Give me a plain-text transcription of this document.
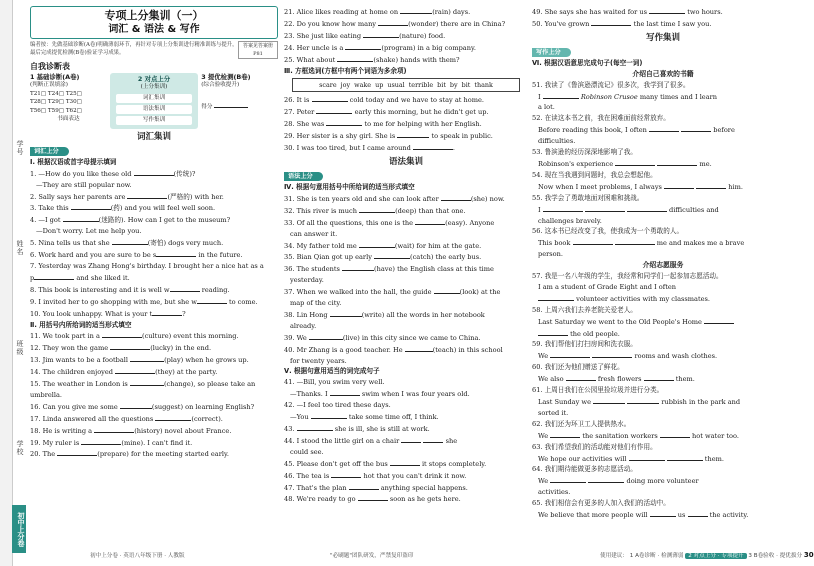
学号
姓名
班级
学校
初中上分卷
专项上分集训（一）
词汇 & 语法 & 写作
编者按：先做基础诊断(A卷)明确薄弱环节，再针对专项上分集训进行精准训练与提升，最后完成提优检测(B卷)验证学习成果。
答案见答案册 P81
自我诊断表
1 基础诊断(A卷)
(判断正误填涂)
T21□ T24□ T25□
T28□ T29□ T30□
T56□ T59□ T62□
书面表达
2 对点上分
(上分集训)
词汇集训
语法集训
写作集训
3 提优检测(B卷)
(综合验收提升)
得分
词汇集训
词汇上分
Ⅰ. 根据汉语或首字母提示填词
1. —How do you like these old	(传统)?
—They are still popular now.
2. Sally says her parents are	(严格的) with her.
3. Take this	(药) and you will feel well soon.
4. —I got	(迷路的). How can I get to the museum?
—Don't worry. Let me help you.
5. Nina tells us that she	(寄怕) dogs very much.
6. Work hard and you are sure to be s	in the future.
7. Yesterday was Zhang Hong's birthday. I brought her a nice hat as a
p	and she liked it.
8. This book is interesting and it is well w	reading.
9. I invited her to go shopping with me, but she w	to come.
10. You look unhappy. What is your t	?
Ⅱ. 用括号内所给词的适当形式填空
11. We took part in a	(culture) event this morning.
12. They won the game	(lucky) in the end.
13. Jim wants to be a football	(play) when he grows up.
14. The children enjoyed	(they) at the party.
15. The weather in London is	(change), so please take an
umbrella.
16. Can you give me some	(suggest) on learning English?
17. Linda answered all the questions	(correct).
18. He is writing a	(history) novel about France.
19. My ruler is	(mine). I can't find it.
20. The	(prepare) for the meeting started early.
21. Alice likes reading at home on	(rain) days.
22. Do you know how many	(wonder) there are in China?
23. She just like eating	(nature) food.
24. Her uncle is a	(program) in a big company.
25. What about	(shake) hands with them?
Ⅲ. 方框选词(方框中有两个词语为多余项)
scare joy wake up usual terrible bit by bit thank
26. It is	cold today and we have to stay at home.
27. Peter	early this morning, but he didn't get up.
28. She was	to me for helping with her English.
29. Her sister is a shy girl. She is	to speak in public.
30. I was too tired, but I came around	.
语法集训
语法上分
Ⅳ. 根据句意用括号中所给词的适当形式填空
31. She is ten years old and she can look after	(she) now.
32. This river is much	(deep) than that one.
33. Of all the questions, this one is the	(easy). Anyone
can answer it.
34. My father told me	(wait) for him at the gate.
35. Bian Qian got up early	(catch) the early bus.
36. The students	(have) the English class at this time
yesterday.
37. When we walked into the hall, the guide	(look) at the
map of the city.
38. Lin Hong	(write) all the words in her notebook
already.
39. We	(live) in this city since we came to China.
40. Mr Zhang is a good teacher. He	(teach) in this school
for twenty years.
Ⅴ. 根据句意用适当的词完成句子
41. —Bill, you swim very well.
—Thanks. I	swim when I was four years old.
42. —I feel too tired these days.
—You	take some time off, I think.
43.	she is ill, she is still at work.
44. I stood the little girl on a chair	she
could see.
45. Please don't get off the bus	it stops completely.
46. The tea is	hot that you can't drink it now.
47. That's the plan	anything special happens.
48. We're ready to go	soon as he gets here.
49. She says she has waited for us	two hours.
50. You've grown	the last time I saw you.
写作集训
写作上分
Ⅵ. 根据汉语意思完成句子(每空一词)
介绍自己喜欢的书籍
51. 我读了《鲁滨逊漂流记》很多次，我学到了很多。
I	Robinson Crusoe many times and I learn
a lot.
52. 在读这本书之前，我在困难面前经常放弃。
Before reading this book, I often	before
difficulties.
53. 鲁滨逊的经历深深地影响了我。
Robinson's experience	me.
54. 现在当我遇到问题时，我总会想起他。
Now when I meet problems, I always	him.
55. 我学会了勇敢地面对困难和挑战。
I	difficulties and
challenges bravely.
56. 这本书已经改变了我，使我成为一个勇敢的人。
This book	me and makes me a brave
person.
介绍志愿服务
57. 我是一名八年级的学生，我经常和同学们一起参加志愿活动。
I am a student of Grade Eight and I often
volunteer activities with my classmates.
58. 上周六我们去养老院关爱老人。
Last Saturday we went to the Old People's Home
the old people.
59. 我们帮他们打扫房间和洗衣服。
We	rooms and wash clothes.
60. 我们还为他们赠送了鲜花。
We also	fresh flowers	them.
61. 上周日我们在公园里捡垃圾并进行分类。
Last Sunday we	rubbish in the park and
sorted it.
62. 我们还为环卫工人提供热水。
We	the sanitation workers	hot water too.
63. 我们希望我们的活动能对他们有作用。
We hope our activities will	them.
64. 我们期待能做更多的志愿活动。
We	doing more volunteer
activities.
65. 我们相信会有更多的人加入我们的活动中。
We believe that more people will	us	the activity.
初中上分卷 · 英语八年级下册 · 人教版	"必刷题"团队研发，严禁复印盗印	使用建议： 1 A卷诊断 · 检测薄弱 2 对点上分 · 专项提升 3 B卷验收 · 提优拔分 30
